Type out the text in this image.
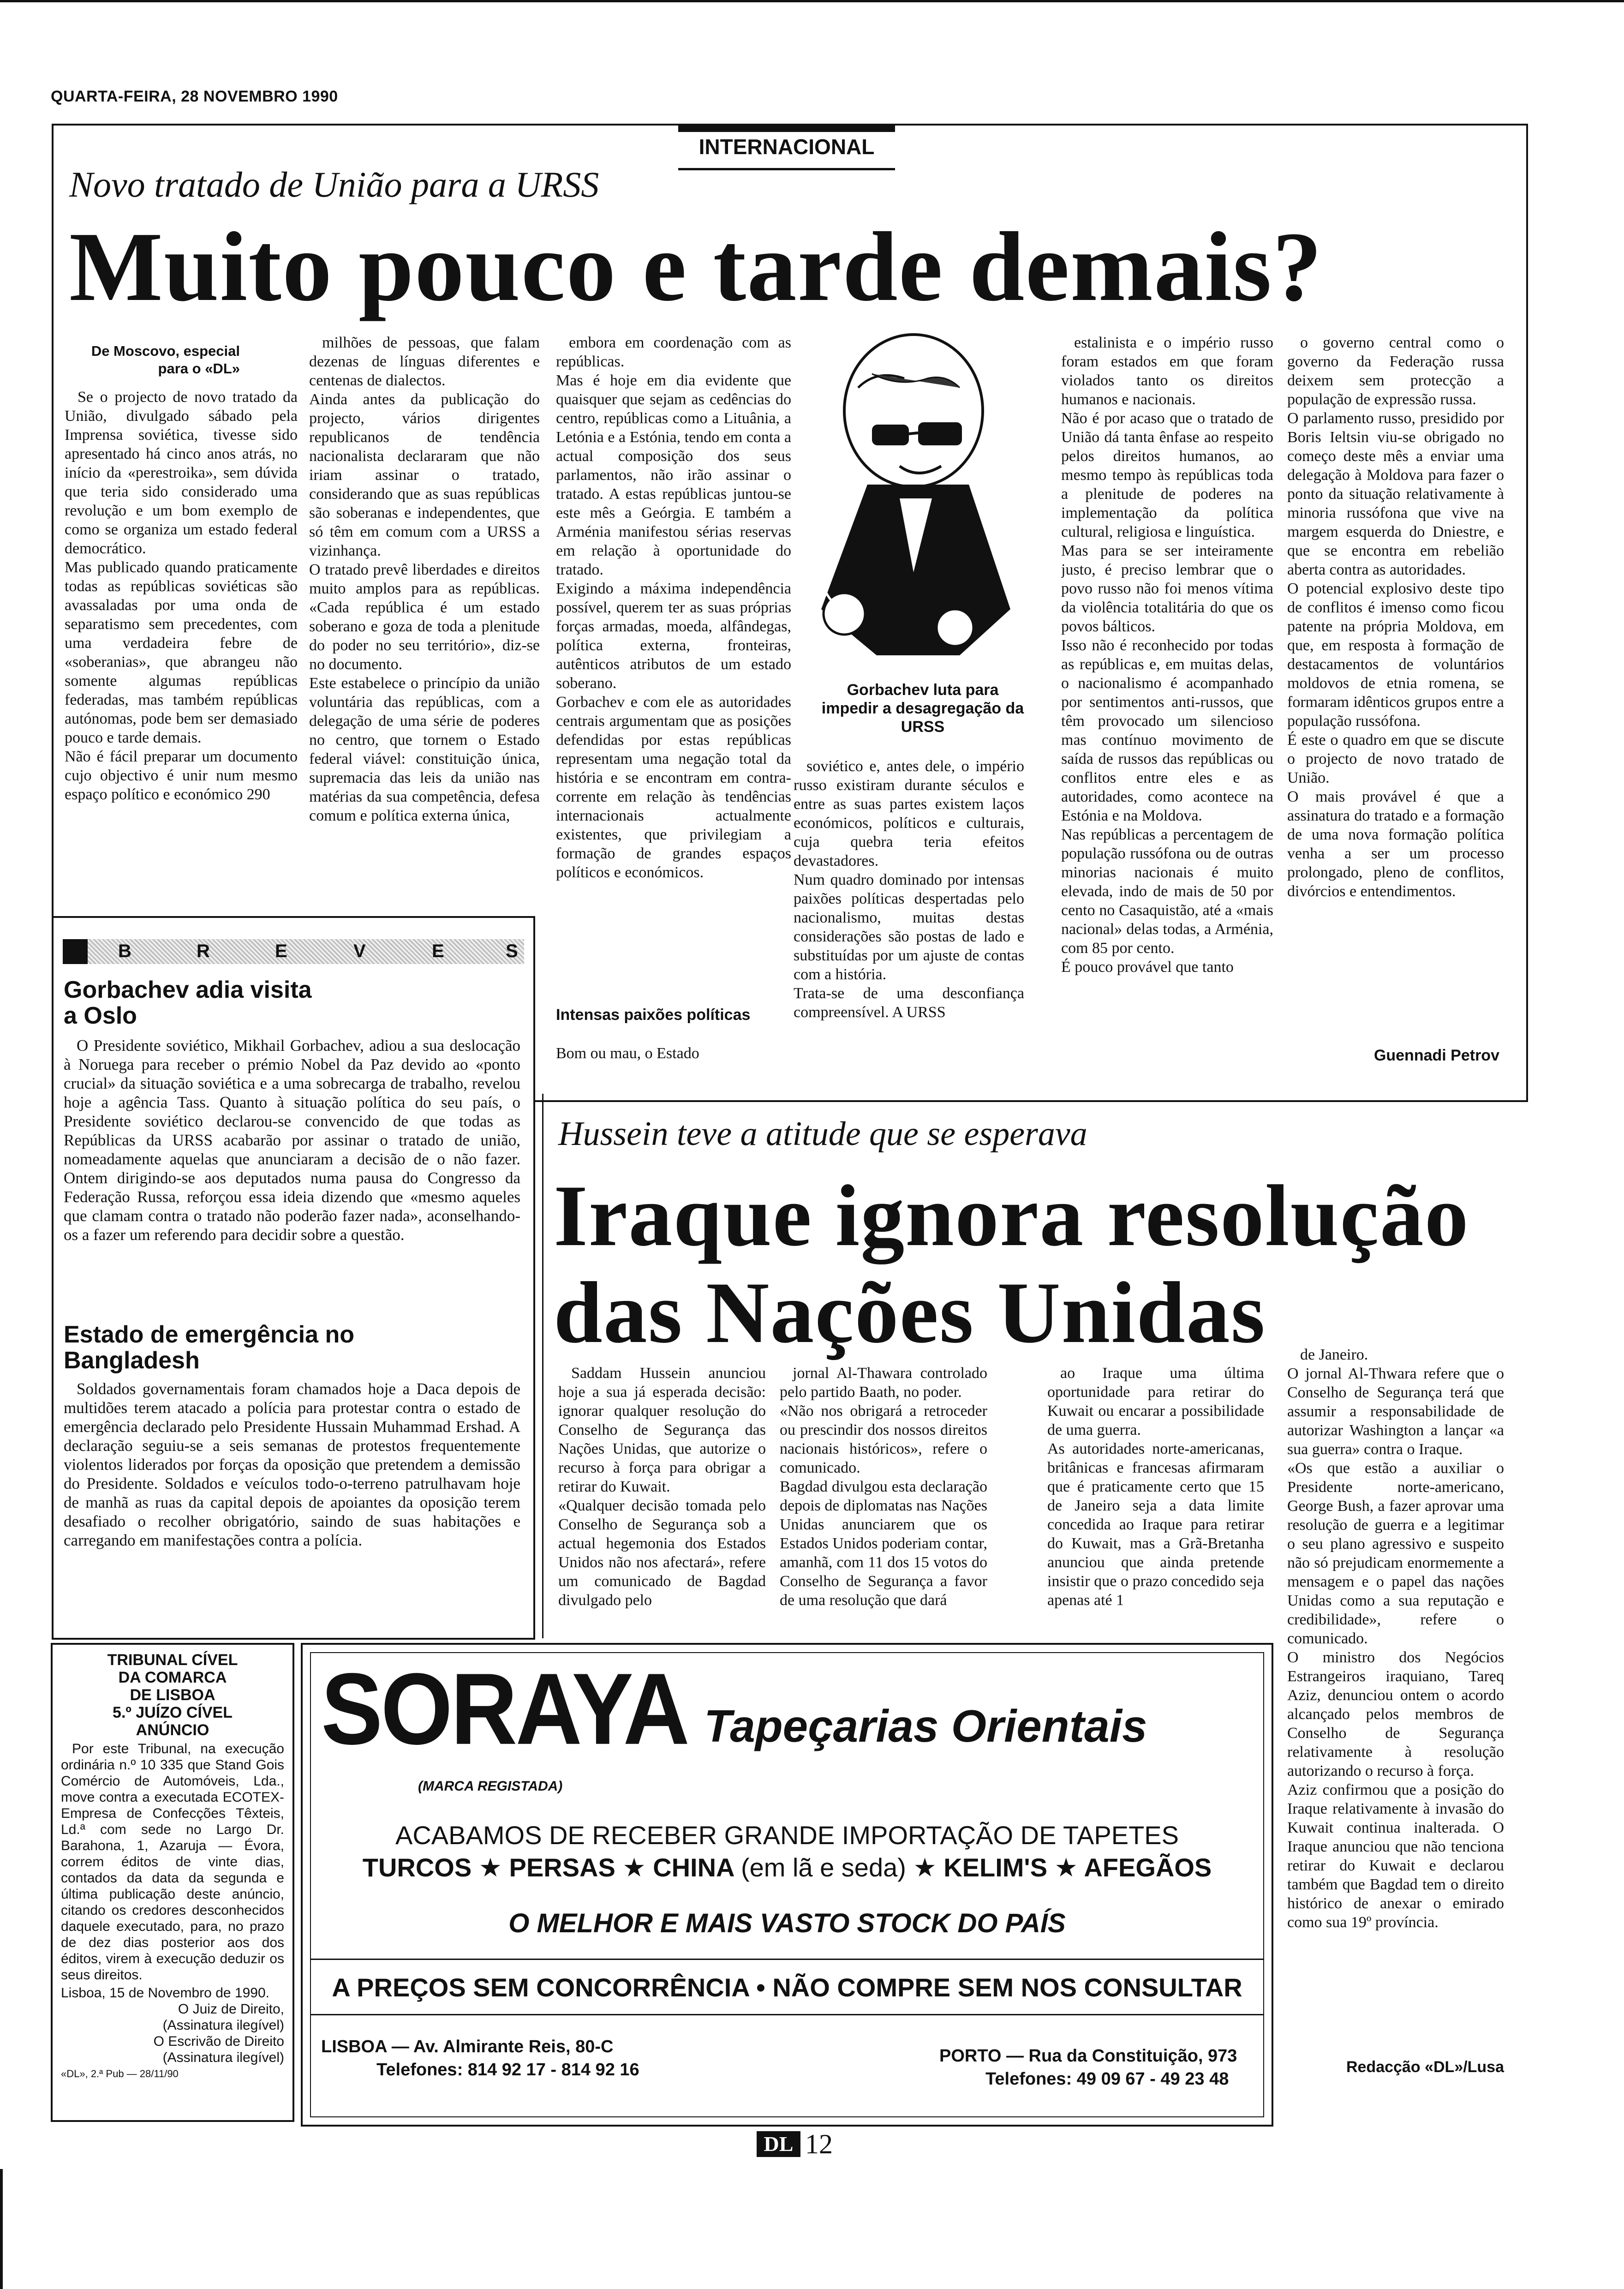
QUARTA-FEIRA, 28 NOVEMBRO 1990
INTERNACIONAL
Novo tratado de União para a URSS
Muito pouco e tarde demais?
De Moscovo, especial para o «DL»

Se o projecto de novo tratado da União, divulgado sábado pela Imprensa soviética, tivesse sido apresentado há cinco anos atrás, no início da «perestroika», sem dúvida que teria sido considerado uma revolução e um bom exemplo de como se organiza um estado federal democrático.
Mas publicado quando praticamente todas as repúblicas soviéticas são avassaladas por uma onda de separatismo sem precedentes, com uma verdadeira febre de «soberanias», que abrangeu não somente algumas repúblicas federadas, mas também repúblicas autónomas, pode bem ser demasiado pouco e tarde demais.
Não é fácil preparar um documento cujo objectivo é unir num mesmo espaço político e económico 290

milhões de pessoas, que falam dezenas de línguas diferentes e centenas de dialectos.
Ainda antes da publicação do projecto, vários dirigentes republicanos de tendência nacionalista declararam que não iriam assinar o tratado, considerando que as suas repúblicas são soberanas e independentes, que só têm em comum com a URSS a vizinhança.
O tratado prevê liberdades e direitos muito amplos para as repúblicas. «Cada república é um estado soberano e goza de toda a plenitude do poder no seu território», diz-se no documento.
Este estabelece o princípio da união voluntária das repúblicas, com a delegação de uma série de poderes no centro, que tornem o Estado federal viável: constituição única, supremacia das leis da união nas matérias da sua competência, defesa comum e política externa única,

embora em coordenação com as repúblicas.
Mas é hoje em dia evidente que quaisquer que sejam as cedências do centro, repúblicas como a Lituânia, a Letónia e a Estónia, tendo em conta a actual composição dos seus parlamentos, não irão assinar o tratado. A estas repúblicas juntou-se este mês a Geórgia. E também a Arménia manifestou sérias reservas em relação à oportunidade do tratado.
Exigindo a máxima independência possível, querem ter as suas próprias forças armadas, moeda, alfândegas, política externa, fronteiras, autênticos atributos de um estado soberano.
Gorbachev e com ele as autoridades centrais argumentam que as posições defendidas por estas repúblicas representam uma negação total da história e se encontram em contra-corrente em relação às tendências internacionais actualmente existentes, que privilegiam a formação de grandes espaços políticos e económicos.

Intensas paixões políticas
Bom ou mau, o Estado
Gorbachev luta para impedir a desagregação da URSS

soviético e, antes dele, o império russo existiram durante séculos e entre as suas partes existem laços económicos, políticos e culturais, cuja quebra teria efeitos devastadores.
Num quadro dominado por intensas paixões políticas despertadas pelo nacionalismo, muitas destas considerações são postas de lado e substituídas por um ajuste de contas com a história.
Trata-se de uma desconfiança compreensível. A URSS

estalinista e o império russo foram estados em que foram violados tanto os direitos humanos e nacionais.
Não é por acaso que o tratado de União dá tanta ênfase ao respeito pelos direitos humanos, ao mesmo tempo às repúblicas toda a plenitude de poderes na implementação da política cultural, religiosa e linguística.
Mas para se ser inteiramente justo, é preciso lembrar que o povo russo não foi menos vítima da violência totalitária do que os povos bálticos.
Isso não é reconhecido por todas as repúblicas e, em muitas delas, o nacionalismo é acompanhado por sentimentos anti-russos, que têm provocado um silencioso mas contínuo movimento de saída de russos das repúblicas ou conflitos entre eles e as autoridades, como acontece na Estónia e na Moldova.
Nas repúblicas a percentagem de população russófona ou de outras minorias nacionais é muito elevada, indo de mais de 50 por cento no Casaquistão, até a «mais nacional» delas todas, a Arménia, com 85 por cento.
É pouco provável que tanto

o governo central como o governo da Federação russa deixem sem protecção a população de expressão russa.
O parlamento russo, presidido por Boris Ieltsin viu-se obrigado no começo deste mês a enviar uma delegação à Moldova para fazer o ponto da situação relativamente à minoria russófona que vive na margem esquerda do Dniestre, e que se encontra em rebelião aberta contra as autoridades.
O potencial explosivo deste tipo de conflitos é imenso como ficou patente na própria Moldova, em que, em resposta à formação de destacamentos de voluntários moldovos de etnia romena, se formaram idênticos grupos entre a população russófona.
É este o quadro em que se discute o projecto de novo tratado de União.
O mais provável é que a assinatura do tratado e a formação de uma nova formação política venha a ser um processo prolongado, pleno de conflitos, divórcios e entendimentos.

Guennadi Petrov
B	R	E	V	E	S
Gorbachev adia visita a Oslo
O Presidente soviético, Mikhail Gorbachev, adiou a sua deslocação à Noruega para receber o prémio Nobel da Paz devido ao «ponto crucial» da situação soviética e a uma sobrecarga de trabalho, revelou hoje a agência Tass. Quanto à situação política do seu país, o Presidente soviético declarou-se convencido de que todas as Repúblicas da URSS acabarão por assinar o tratado de união, nomeadamente aquelas que anunciaram a decisão de o não fazer. Ontem dirigindo-se aos deputados numa pausa do Congresso da Federação Russa, reforçou essa ideia dizendo que «mesmo aqueles que clamam contra o tratado não poderão fazer nada», aconselhando-os a fazer um referendo para decidir sobre a questão.
Estado de emergência no Bangladesh
Soldados governamentais foram chamados hoje a Daca depois de multidões terem atacado a polícia para protestar contra o estado de emergência declarado pelo Presidente Hussain Muhammad Ershad. A declaração seguiu-se a seis semanas de protestos frequentemente violentos liderados por forças da oposição que pretendem a demissão do Presidente. Soldados e veículos todo-o-terreno patrulhavam hoje de manhã as ruas da capital depois de apoiantes da oposição terem desafiado o recolher obrigatório, saindo de suas habitações e carregando em manifestações contra a polícia.
Hussein teve a atitude que se esperava
Iraque ignora resolução
das Nações Unidas

Saddam Hussein anunciou hoje a sua já esperada decisão: ignorar qualquer resolução do Conselho de Segurança das Nações Unidas, que autorize o recurso à força para obrigar a retirar do Kuwait.
«Qualquer decisão tomada pelo Conselho de Segurança sob a actual hegemonia dos Estados Unidos não nos afectará», refere um comunicado de Bagdad divulgado pelo

jornal Al-Thawara controlado pelo partido Baath, no poder.
«Não nos obrigará a retroceder ou prescindir dos nossos direitos nacionais históricos», refere o comunicado.
Bagdad divulgou esta declaração depois de diplomatas nas Nações Unidas anunciarem que os Estados Unidos poderiam contar, amanhã, com 11 dos 15 votos do Conselho de Segurança a favor de uma resolução que dará

ao Iraque uma última oportunidade para retirar do Kuwait ou encarar a possibilidade de uma guerra.
As autoridades norte-americanas, britânicas e francesas afirmaram que é praticamente certo que 15 de Janeiro seja a data limite concedida ao Iraque para retirar do Kuwait, mas a Grã-Bretanha anunciou que ainda pretende insistir que o prazo concedido seja apenas até 1

de Janeiro.
O jornal Al-Thwara refere que o Conselho de Segurança terá que assumir a responsabilidade de autorizar Washington a lançar «a sua guerra» contra o Iraque.
«Os que estão a auxiliar o Presidente norte-americano, George Bush, a fazer aprovar uma resolução de guerra e a legitimar o seu plano agressivo e suspeito não só prejudicam enormemente a mensagem e o papel das nações Unidas como a sua reputação e credibilidade», refere o comunicado.
O ministro dos Negócios Estrangeiros iraquiano, Tareq Aziz, denunciou ontem o acordo alcançado pelos membros de Conselho de Segurança relativamente à resolução autorizando o recurso à força.
Aziz confirmou que a posição do Iraque relativamente à invasão do Kuwait continua inalterada. O Iraque anunciou que não tenciona retirar do Kuwait e declarou também que Bagdad tem o direito histórico de anexar o emirado como sua 19º província.

Redacção «DL»/Lusa
TRIBUNAL CÍVEL
DA COMARCA
DE LISBOA
5.º JUÍZO CÍVEL
ANÚNCIO
Por este Tribunal, na execução ordinária n.º 10 335 que Stand Gois Comércio de Automóveis, Lda., move contra a executada ECOTEX-Empresa de Confecções Têxteis, Ld.ª com sede no Largo Dr. Barahona, 1, Azaruja — Évora, correm éditos de vinte dias, contados da data da segunda e última publicação deste anúncio, citando os credores desconhecidos daquele executado, para, no prazo de dez dias posterior aos dos éditos, virem à execução deduzir os seus direitos.
Lisboa, 15 de Novembro de 1990.
O Juiz de Direito,
(Assinatura ilegível)
O Escrivão de Direito
(Assinatura ilegível)
«DL», 2.ª Pub — 28/11/90
SORAYA Tapeçarias Orientais
(MARCA REGISTADA)
ACABAMOS DE RECEBER GRANDE IMPORTAÇÃO DE TAPETES
TURCOS ★ PERSAS ★ CHINA (em lã e seda) ★ KELIM'S ★ AFEGÃOS
O MELHOR E MAIS VASTO STOCK DO PAÍS
A PREÇOS SEM CONCORRÊNCIA • NÃO COMPRE SEM NOS CONSULTAR
LISBOA — Av. Almirante Reis, 80-C
Telefones: 814 92 17 - 814 92 16
PORTO — Rua da Constituição, 973
Telefones: 49 09 67 - 49 23 48
DL 12
